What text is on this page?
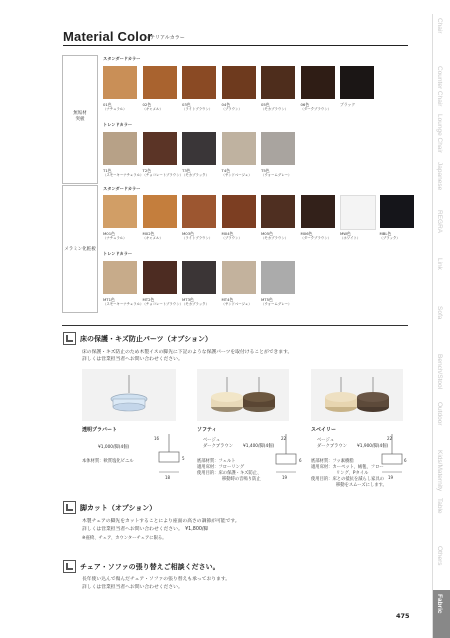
Material Color
マテリアルカラー
Chair
Counter Chair
Lounge Chair
Japanese
REGRA
Link
Sofa
Bench/Stool
Outdoor
Kids/Maternity
Table
Others
Fabric
無垢材
突板
メラミン化粧板
スタンダードカラー
トレンドカラー
スタンダードカラー
トレンドカラー
01色
（ナチュラル）
02色
（キャメル）
03色
（ライトブラウン）
04色
（ブラウン）
05色
（モカブラウン）
06色
（ダークブラウン）
ブラック
T1色
（スモーキーナチュラル）
T2色
（チョコレートブラウン）
T3色
（モカブラック）
T4色
（サンドベージュ）
T5色
（ウォームグレー）
M01色
（ナチュラル）
M02色
（キャメル）
M03色
（ライトブラウン）
M04色
（ブラウン）
M05色
（モカブラウン）
M06色
（ダークブラウン）
MW色
（ホワイト）
MBL色
（ブラック）
MT1色
（スモーキーナチュラル）
MT2色
（チョコレートブラウン）
MT3色
（モカブラック）
MT4色
（サンドベージュ）
MT5色
（ウォームグレー）
床の保護・キズ防止パーツ（オプション）
床の保護・キズ防止のため木製イスの脚先に下記のような保護パーツを取付けることができます。
詳しくは営業担当者へお問い合わせください。
透明プラバート
¥1,000/脚(4個)
本体材質：軟質塩化ビニル
16
5
18
ソフティ
ベージュ
ダークブラウン ¥1,400/脚(4個)
底部材質：フェルト
適用床材：フローリング
使用目的：床の保護・キズ防止、
移動時の音鳴り防止
22
6
19
スベイリー
ベージュ
ダークブラウン ¥1,900/脚(4個)
底部材質：フッ素樹脂
適用床材：カーペット、絨毯、フロー
リング、Pタイル
使用目的：床との抵抗を減らし家具の
移動をスムーズにします。
22
6
19
脚カット（オプション）
木製チェアの脚先をカットすることにより座面の高さの調節が可能です。
詳しくは営業担当者へお問い合わせください。　¥1,800/脚
※座椅、チェア、カウンターチェアに限る。
チェア・ソファの張り替えご相談ください。
長年使い込んで傷んだチェア・ソファの張り替えも承っております。
詳しくは営業担当者へお問い合わせください。
475
